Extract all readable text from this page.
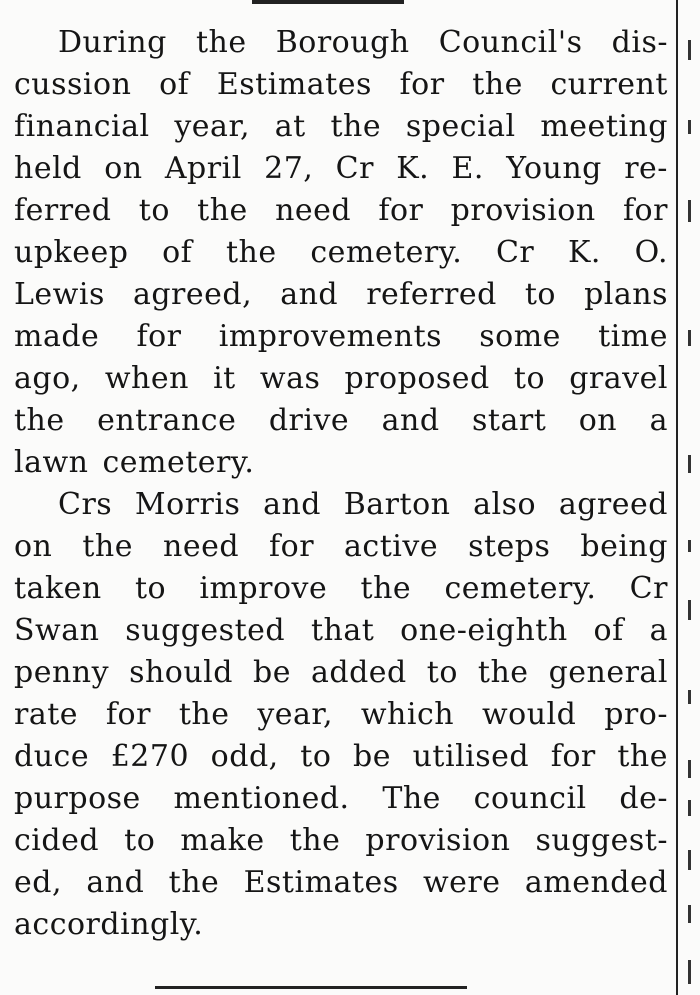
During the Borough Council's dis-
cussion of Estimates for the current
financial year, at the special meeting
held on April 27, Cr K. E. Young re-
ferred to the need for provision for
upkeep of the cemetery. Cr K. O.
Lewis agreed, and referred to plans
made for improvements some time
ago, when it was proposed to gravel
the entrance drive and start on a
lawn cemetery.
Crs Morris and Barton also agreed
on the need for active steps being
taken to improve the cemetery. Cr
Swan suggested that one-eighth of a
penny should be added to the general
rate for the year, which would pro-
duce £270 odd, to be utilised for the
purpose mentioned. The council de-
cided to make the provision suggest-
ed, and the Estimates were amended
accordingly.
